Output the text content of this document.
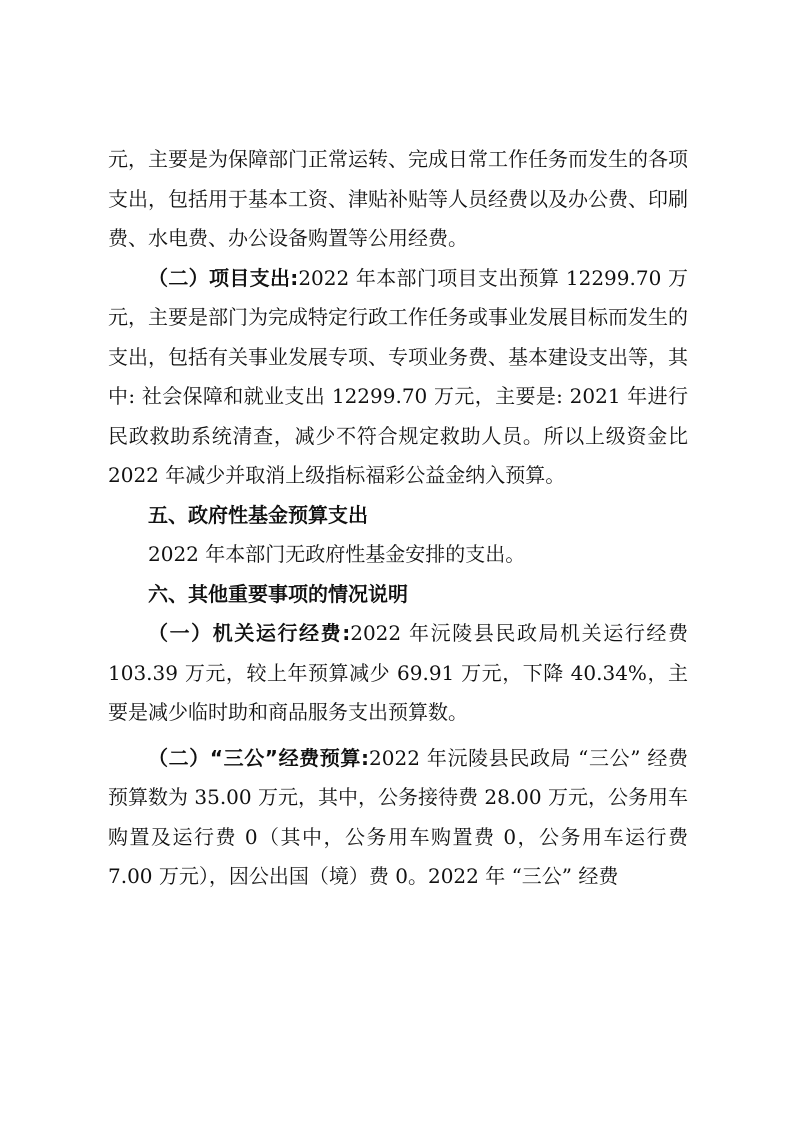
元，主要是为保障部门正常运转、完成日常工作任务而发生的各项支出，包括用于基本工资、津贴补贴等人员经费以及办公费、印刷费、水电费、办公设备购置等公用经费。

（二）项目支出:2022 年本部门项目支出预算 12299.70 万元，主要是部门为完成特定行政工作任务或事业发展目标而发生的支出，包括有关事业发展专项、专项业务费、基本建设支出等，其中: 社会保障和就业支出 12299.70 万元，主要是: 2021 年进行民政救助系统清查，减少不符合规定救助人员。所以上级资金比 2022 年减少并取消上级指标福彩公益金纳入预算。

五、政府性基金预算支出

2022 年本部门无政府性基金安排的支出。

六、其他重要事项的情况说明

（一）机关运行经费:2022 年沅陵县民政局机关运行经费 103.39 万元，较上年预算减少 69.91 万元，下降 40.34%，主要是减少临时助和商品服务支出预算数。

（二）“三公”经费预算:2022 年沅陵县民政局 “三公” 经费预算数为 35.00 万元，其中，公务接待费 28.00 万元，公务用车购置及运行费 0（其中，公务用车购置费 0，公务用车运行费 7.00 万元），因公出国（境）费 0。2022 年 “三公” 经费
